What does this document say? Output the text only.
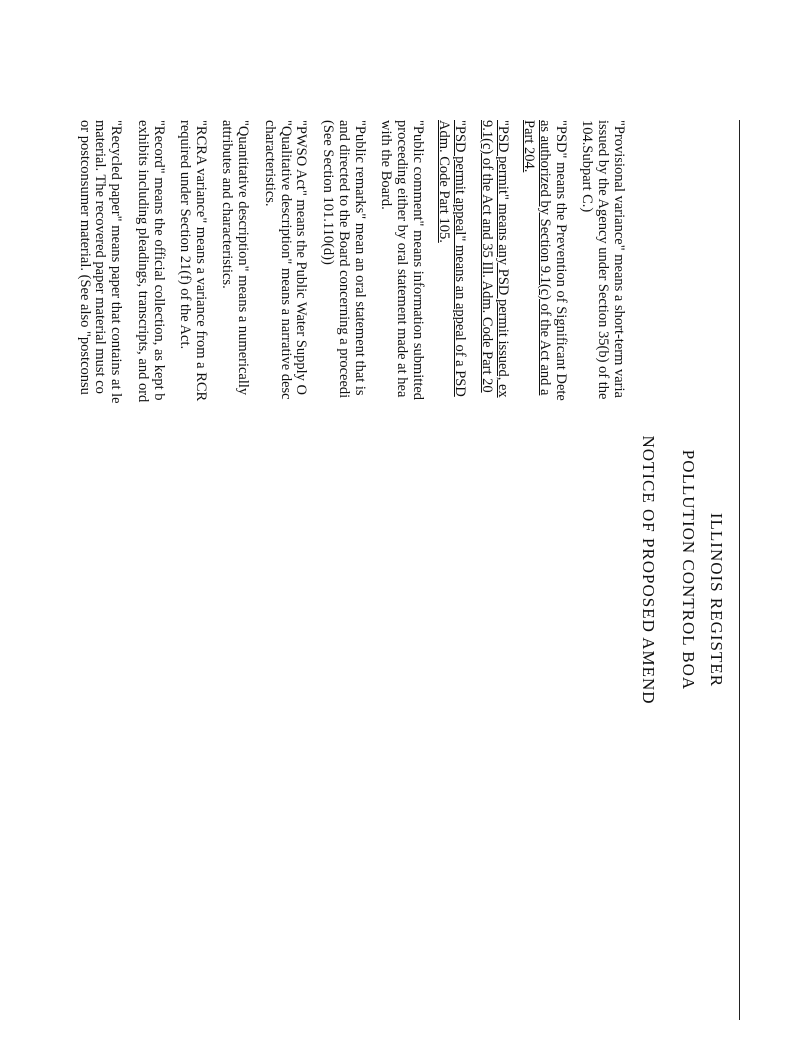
ILLINOIS REGISTER
POLLUTION CONTROL BOA
NOTICE OF PROPOSED AMEND
"Provisional variance" means a short-term varia
issued by the Agency under Section 35(b) of the
104.Subpart C.)
"PSD" means the Prevention of Significant Dete
as authorized by Section 9.1(c) of the Act and a
Part 204.
"PSD permit" means any PSD permit issued, ex
9.1(c) of the Act and 35 Ill. Adm. Code Part 20
"PSD permit appeal" means an appeal of a PSD
Adm. Code Part 105.
"Public comment" means information submitted
proceeding either by oral statement made at hea
with the Board.
"Public remarks" mean an oral statement that is
and directed to the Board concerning a proceedi
(See Section 101.110(d))
"PWSO Act" means the Public Water Supply O
"Qualitative description" means a narrative desc
characteristics.
"Quantitative description" means a numerically
attributes and characteristics.
"RCRA variance" means a variance from a RCR
required under Section 21(f) of the Act.
"Record" means the official collection, as kept b
exhibits including pleadings, transcripts, and ord
"Recycled paper" means paper that contains at le
material. The recovered paper material must co
or postconsumer material. (See also "postconsu
